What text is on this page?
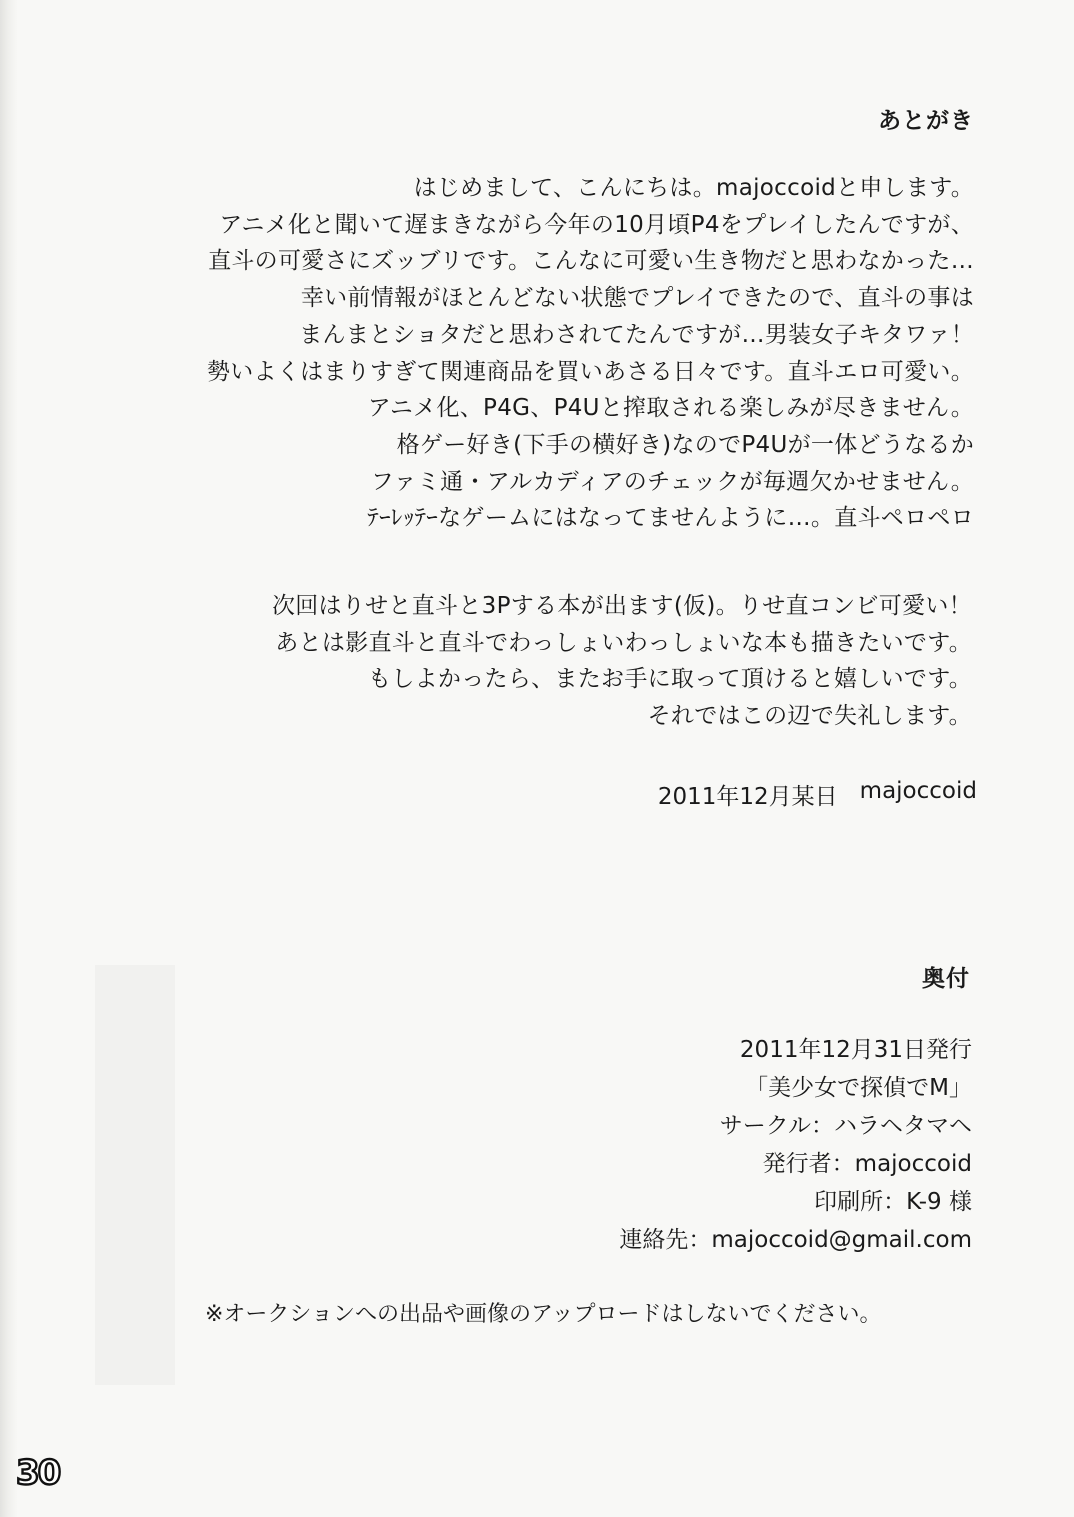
あとがき
はじめまして、こんにちは。majoccoidと申します。
アニメ化と聞いて遅まきながら今年の10月頃P4をプレイしたんですが、
直斗の可愛さにズッブリです。こんなに可愛い生き物だと思わなかった…
幸い前情報がほとんどない状態でプレイできたので、直斗の事は
まんまとショタだと思わされてたんですが…男装女子キタワァ！
勢いよくはまりすぎて関連商品を買いあさる日々です。直斗エロ可愛い。
アニメ化、P4G、P4Uと搾取される楽しみが尽きません。
格ゲー好き(下手の横好き)なのでP4Uが一体どうなるか
ファミ通・アルカディアのチェックが毎週欠かせません。
ﾃｰﾚｯﾃｰなゲームにはなってませんように…。直斗ペロペロ
次回はりせと直斗と3Pする本が出ます(仮)。りせ直コンビ可愛い！
あとは影直斗と直斗でわっしょいわっしょいな本も描きたいです。
もしよかったら、またお手に取って頂けると嬉しいです。
それではこの辺で失礼します。
2011年12月某日 majoccoid
奥付
2011年12月31日発行
「美少女で探偵でM」
サークル：ハラヘタマヘ
発行者：majoccoid
印刷所：K-9 様
連絡先：majoccoid@gmail.com
※オークションへの出品や画像のアップロードはしないでください。
30
